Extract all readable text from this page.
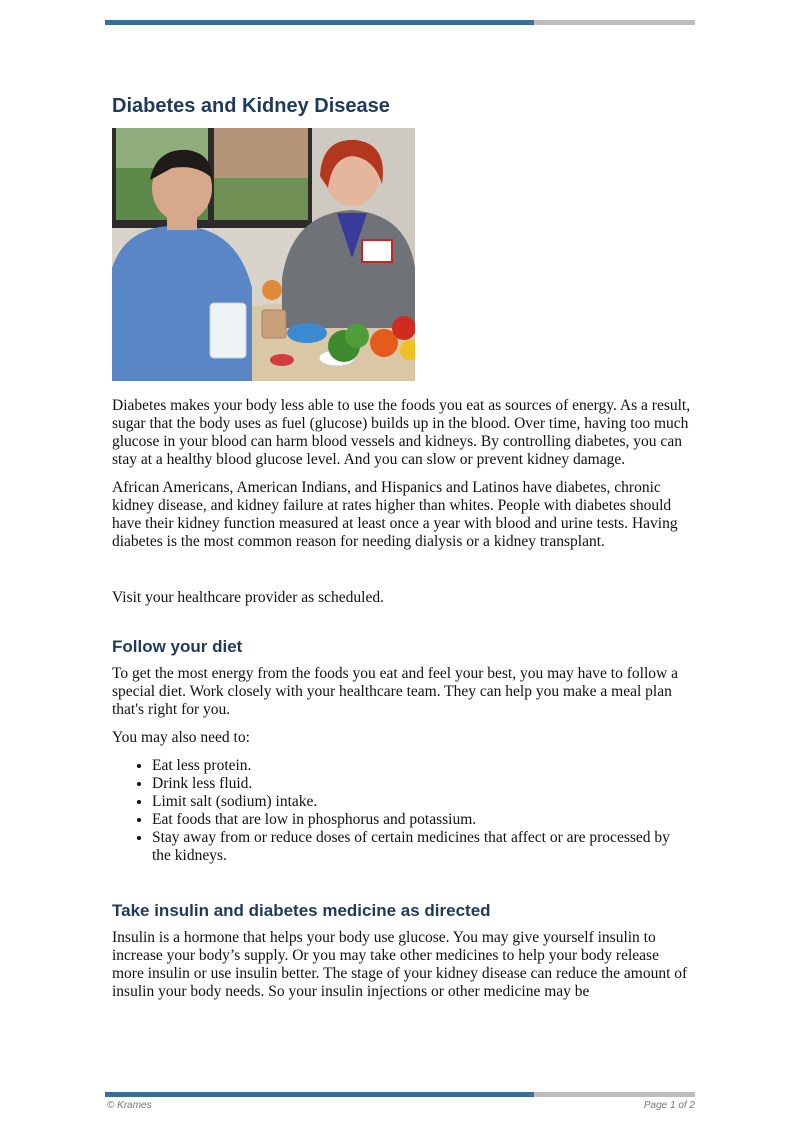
Diabetes and Kidney Disease

Diabetes makes your body less able to use the foods you eat as sources of energy. As a result, sugar that the body uses as fuel (glucose) builds up in the blood. Over time, having too much glucose in your blood can harm blood vessels and kidneys. By controlling diabetes, you can stay at a healthy blood glucose level. And you can slow or prevent kidney damage.

African Americans, American Indians, and Hispanics and Latinos have diabetes, chronic kidney disease, and kidney failure at rates higher than whites. People with diabetes should have their kidney function measured at least once a year with blood and urine tests. Having diabetes is the most common reason for needing dialysis or a kidney transplant.

Visit your healthcare provider as scheduled.

Follow your diet

To get the most energy from the foods you eat and feel your best, you may have to follow a special diet. Work closely with your healthcare team. They can help you make a meal plan that's right for you.

You may also need to:

• Eat less protein.
• Drink less fluid.
• Limit salt (sodium) intake.
• Eat foods that are low in phosphorus and potassium.
• Stay away from or reduce doses of certain medicines that affect or are processed by the kidneys.
Take insulin and diabetes medicine as directed

Insulin is a hormone that helps your body use glucose. You may give yourself insulin to increase your body’s supply. Or you may take other medicines to help your body release more insulin or use insulin better. The stage of your kidney disease can reduce the amount of insulin your body needs. So your insulin injections or other medicine may be

© Krames	Page 1 of 2
